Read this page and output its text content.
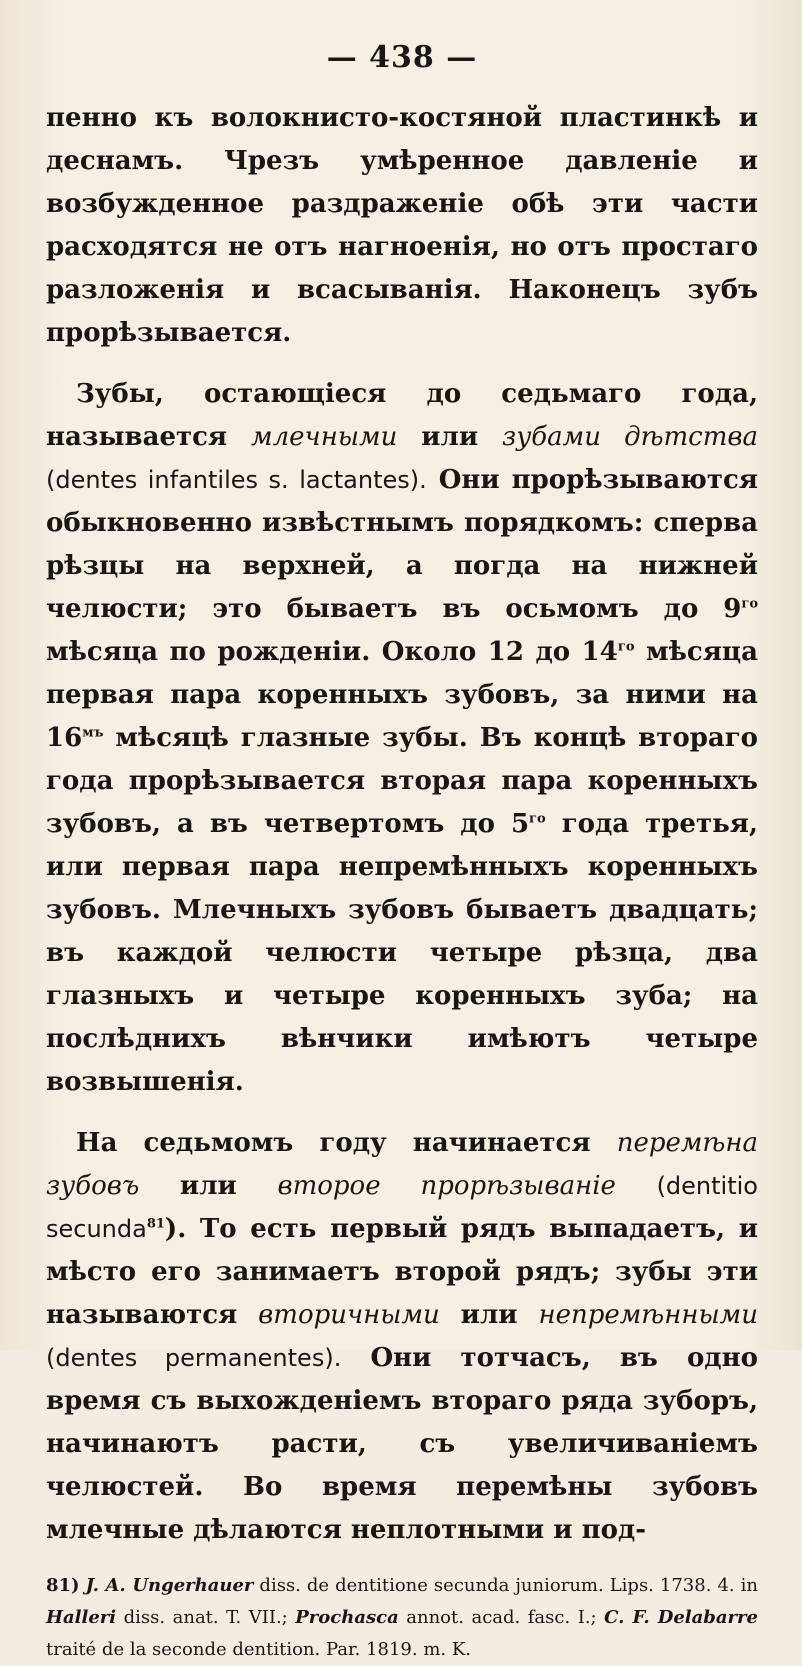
— 438 —

пенно къ волокнисто-костяной пластинкѣ и деснамъ. Чрезъ умѣренное давленіе и возбужденное раздраженіе обѣ эти части расходятся не отъ нагноенія, но отъ простаго разложенія и всасыванія. Наконецъ зубъ прорѣзывается.

Зубы, остающіеся до седьмаго года, называется млечными или зубами дѣтства (dentes infantiles s. lactantes). Они прорѣзываются обыкновенно извѣстнымъ порядкомъ: сперва рѣзцы на верхней, а погда на нижней челюсти; это бываетъ въ осьмомъ до $9^{го}$ мѣсяца по рожденіи. Около 12 до $14^{го}$ мѣсяца первая пара коренныхъ зубовъ, за ними на $16^{мъ}$ мѣсяцѣ глазные зубы. Въ концѣ втораго года прорѣзывается вторая пара коренныхъ зубовъ, а въ четвертомъ до $5^{го}$ года третья, или первая пара непремѣнныхъ коренныхъ зубовъ. Млечныхъ зубовъ бываетъ двадцать; въ каждой челюсти четыре рѣзца, два глазныхъ и четыре коренныхъ зуба; на послѣднихъ вѣнчики имѣютъ четыре возвышенія.

На седьмомъ году начинается перемѣна зубовъ или второе прорѣзываніе (dentitio secunda$^{81}$). То есть первый рядъ выпадаетъ, и мѣсто его занимаетъ второй рядъ; зубы эти называются вторичными или непремѣнными (dentes permanentes). Они тотчасъ, въ одно время съ выхожденіемъ втораго ряда зуборъ, начинаютъ расти, съ увеличиваніемъ челюстей. Во время перемѣны зубовъ млечные дѣлаются неплотными и под-

81) J. A. Ungerhauer diss. de dentitione secunda juniorum. Lips. 1738. 4. in Halleri diss. anat. T. VII.; Prochasca annot. acad. fasc. I.; C. F. Delabarre traité de la seconde dentition. Par. 1819. m. K.
